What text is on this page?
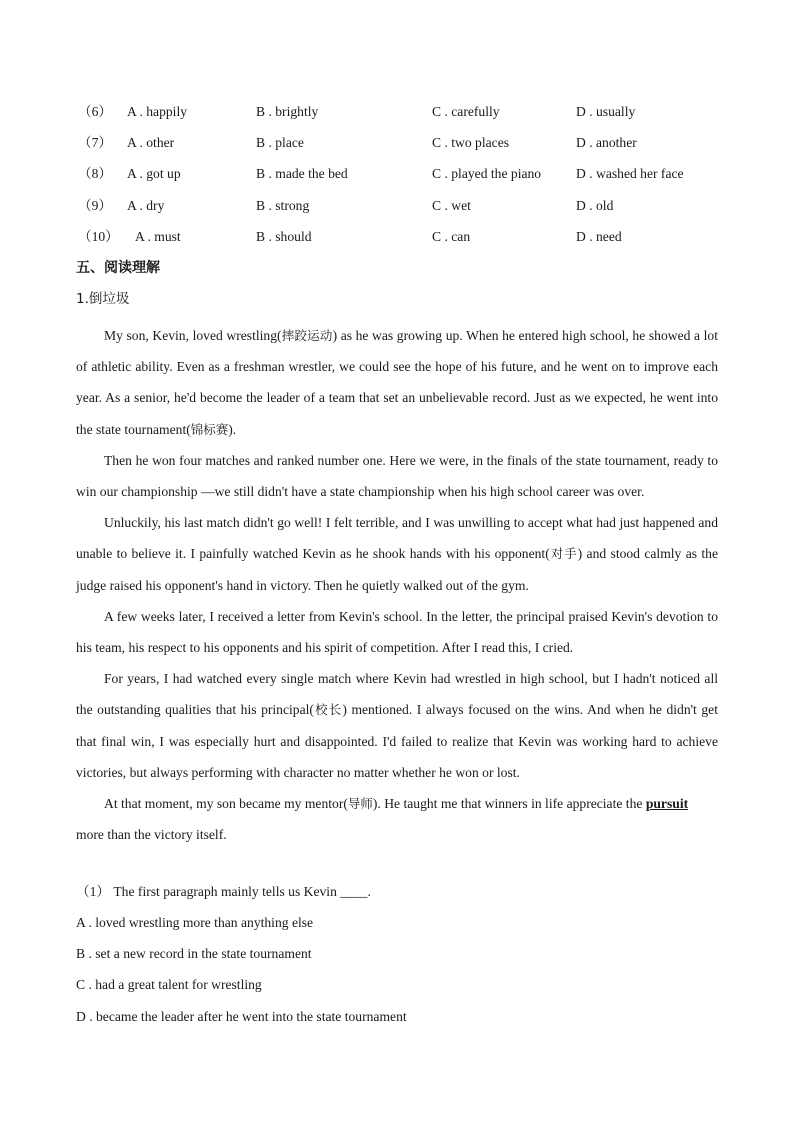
（6） A . happily	B . brightly	C . carefully	D . usually
（7） A . other	B . place	C . two places	D . another
（8） A . got up	B . made the bed	C . played the piano	D . washed her face
（9） A . dry	B . strong	C . wet	D . old
（10） A . must	B . should	C . can	D . need
五、阅读理解
1.倒垃圾

My son, Kevin, loved wrestling(摔跤运动) as he was growing up. When he entered high school, he showed a lot of athletic ability. Even as a freshman wrestler, we could see the hope of his future, and he went on to improve each year. As a senior, he'd become the leader of a team that set an unbelievable record. Just as we expected, he went into the state tournament(锦标赛).

Then he won four matches and ranked number one. Here we were, in the finals of the state tournament, ready to win our championship —we still didn't have a state championship when his high school career was over.

Unluckily, his last match didn't go well! I felt terrible, and I was unwilling to accept what had just happened and unable to believe it. I painfully watched Kevin as he shook hands with his opponent(对手) and stood calmly as the judge raised his opponent's hand in victory. Then he quietly walked out of the gym.

A few weeks later, I received a letter from Kevin's school. In the letter, the principal praised Kevin's devotion to his team, his respect to his opponents and his spirit of competition. After I read this, I cried.

For years, I had watched every single match where Kevin had wrestled in high school, but I hadn't noticed all the outstanding qualities that his principal(校长) mentioned. I always focused on the wins. And when he didn't get that final win, I was especially hurt and disappointed. I'd failed to realize that Kevin was working hard to achieve victories, but always performing with character no matter whether he won or lost.

At that moment, my son became my mentor(导师). He taught me that winners in life appreciate the pursuit more than the victory itself.

（1） The first paragraph mainly tells us Kevin ____.
A . loved wrestling more than anything else
B . set a new record in the state tournament
C . had a great talent for wrestling
D . became the leader after he went into the state tournament
